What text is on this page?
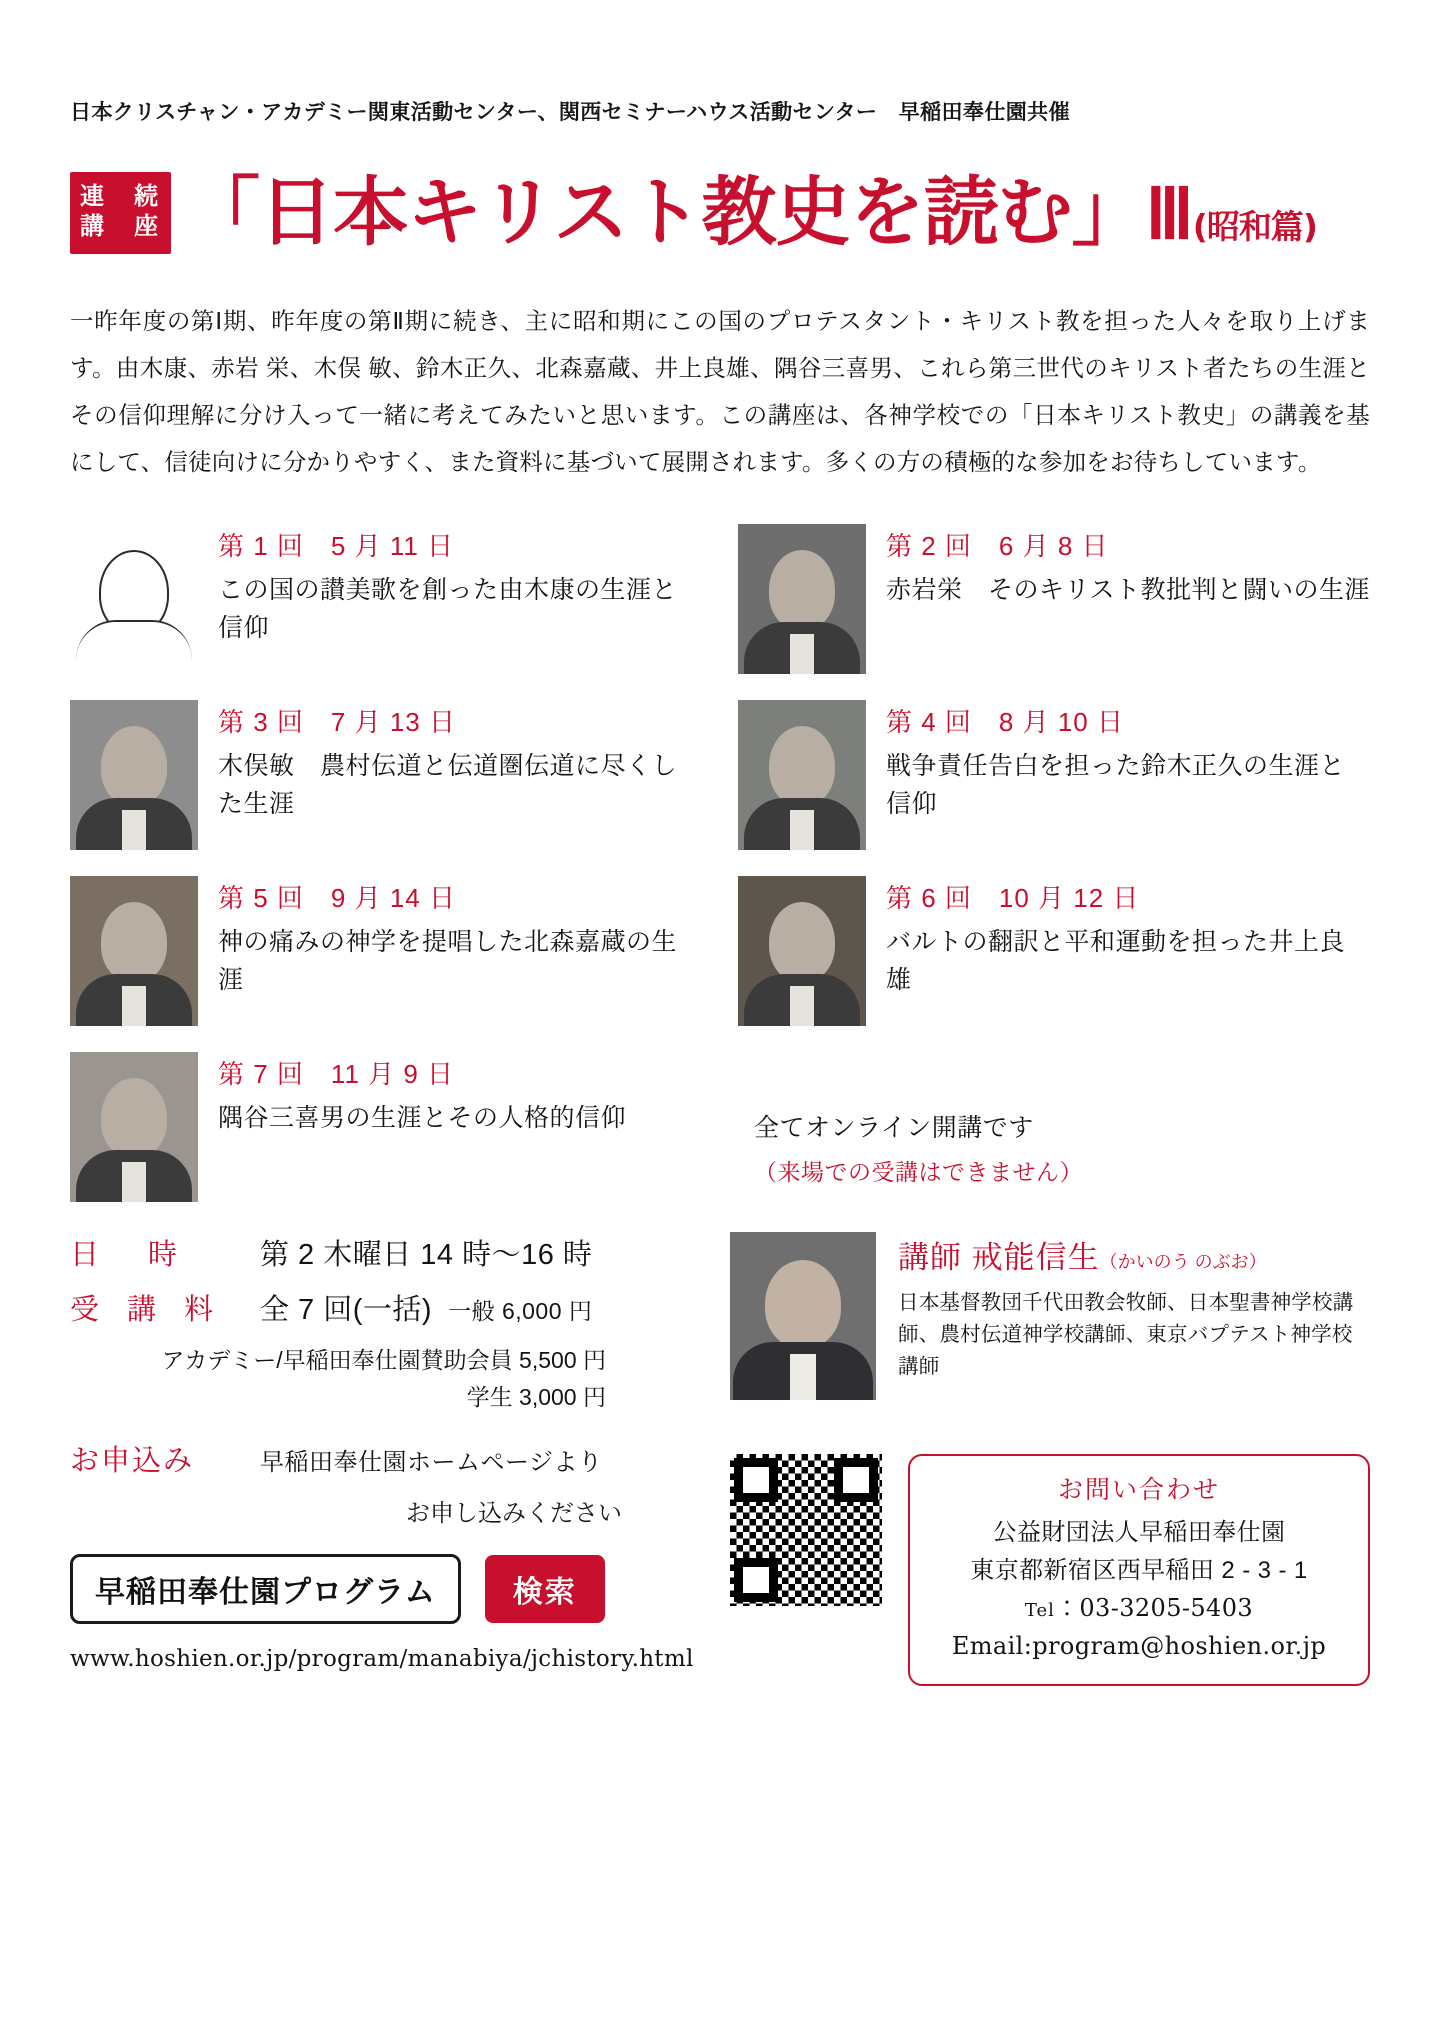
日本クリスチャン・アカデミー関東活動センター、関西セミナーハウス活動センター　早稲田奉仕園共催
連　続
講　座 「日本キリスト教史を読む」Ⅲ(昭和篇)
一昨年度の第Ⅰ期、昨年度の第Ⅱ期に続き、主に昭和期にこの国のプロテスタント・キリスト教を担った人々を取り上げます。由木康、赤岩 栄、木俣 敏、鈴木正久、北森嘉蔵、井上良雄、隅谷三喜男、これら第三世代のキリスト者たちの生涯とその信仰理解に分け入って一緒に考えてみたいと思います。この講座は、各神学校での「日本キリスト教史」の講義を基にして、信徒向けに分かりやすく、また資料に基づいて展開されます。多くの方の積極的な参加をお待ちしています。
第 1 回　5 月 11 日
この国の讃美歌を創った由木康の生涯と信仰
第 2 回　6 月 8 日
赤岩栄　そのキリスト教批判と闘いの生涯
第 3 回　7 月 13 日
木俣敏　農村伝道と伝道圏伝道に尽くした生涯
第 4 回　8 月 10 日
戦争責任告白を担った鈴木正久の生涯と信仰
第 5 回　9 月 14 日
神の痛みの神学を提唱した北森嘉蔵の生涯
第 6 回　10 月 12 日
バルトの翻訳と平和運動を担った井上良雄
第 7 回　11 月 9 日
隅谷三喜男の生涯とその人格的信仰	全てオンライン開講です
（来場での受講はできません）
日　時	第 2 木曜日 14 時〜16 時
受 講 料	全 7 回(一括) 一般 6,000 円
アカデミー/早稲田奉仕園賛助会員 5,500 円
学生 3,000 円
お申込み	早稲田奉仕園ホームページより
お申し込みください
早稲田奉仕園プログラム	検索
www.hoshien.or.jp/program/manabiya/jchistory.html
講師 戒能信生（かいのう のぶお）
日本基督教団千代田教会牧師、日本聖書神学校講師、農村伝道神学校講師、東京バプテスト神学校講師
お問い合わせ
公益財団法人早稲田奉仕園
東京都新宿区西早稲田 2 - 3 - 1
Tel：03-3205-5403
Email:program@hoshien.or.jp
